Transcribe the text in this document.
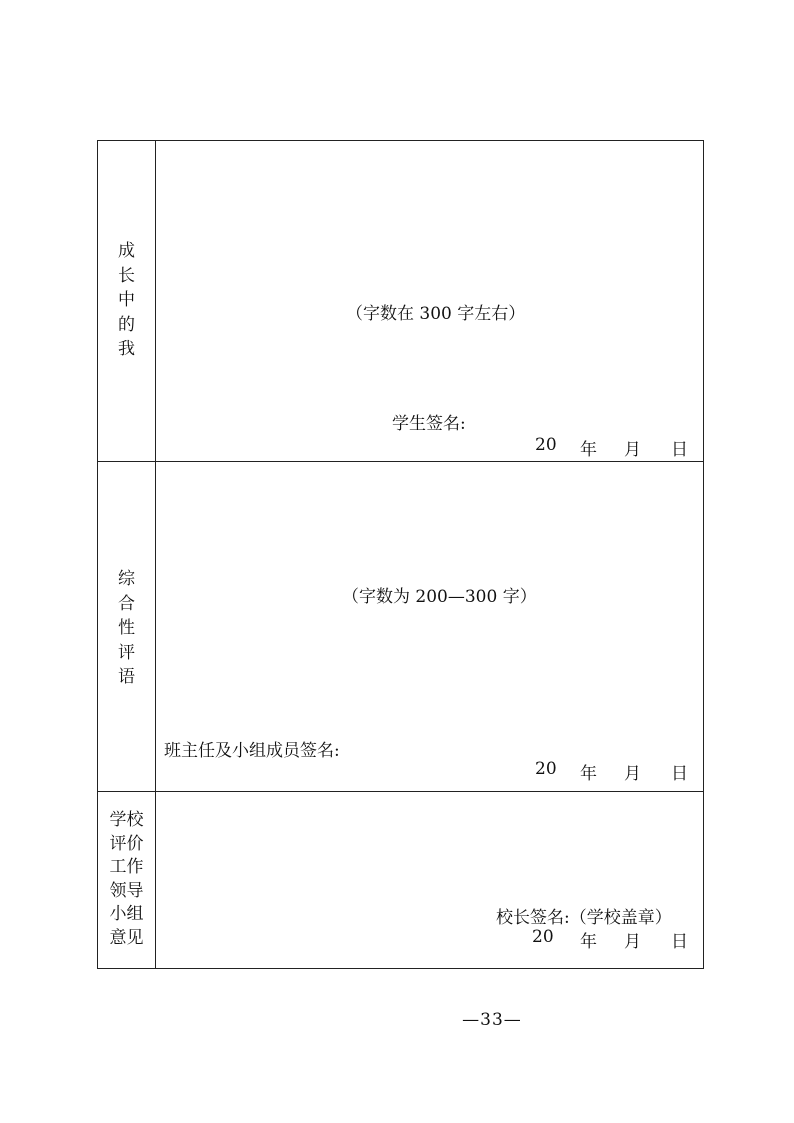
成
长
中
的
我
（字数在 300 字左右）
学生签名:
20 年 月 日
综
合
性
评
语
（字数为 200—300 字）
班主任及小组成员签名:
20 年 月 日
学校
评价
工作
领导
小组
意见
校长签名:（学校盖章）
20 年 月 日
—33—
